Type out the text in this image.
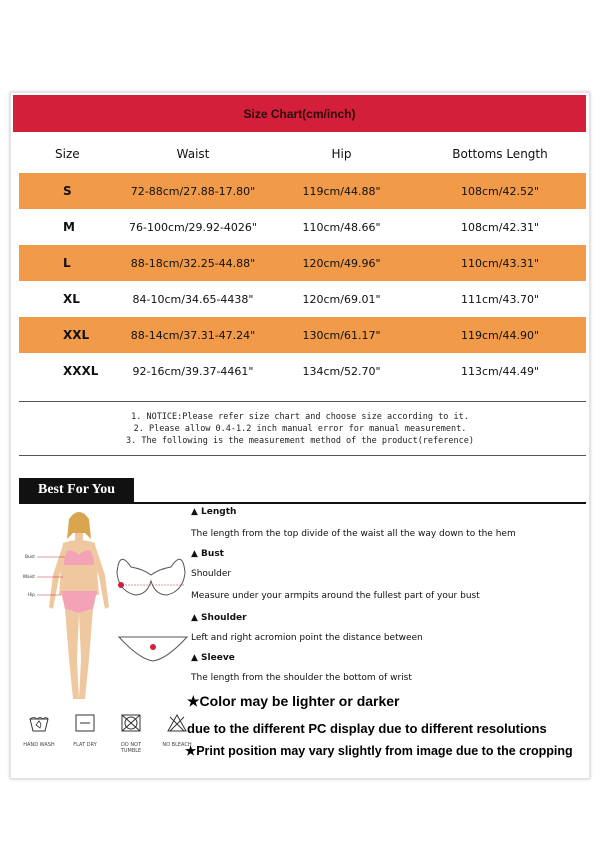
Size Chart(cm/inch)
Size	Waist	Hip	Bottoms Length
S	72-88cm/27.88-17.80"	119cm/44.88"	108cm/42.52"
M	76-100cm/29.92-4026"	110cm/48.66"	108cm/42.31"
L	88-18cm/32.25-44.88"	120cm/49.96"	110cm/43.31"
XL	84-10cm/34.65-4438"	120cm/69.01"	111cm/43.70"
XXL	88-14cm/37.31-47.24"	130cm/61.17"	119cm/44.90"
XXXL	92-16cm/39.37-4461"	134cm/52.70"	113cm/44.49"
1. NOTICE:Please refer size chart and choose size according to it.
2. Please allow 0.4-1.2 inch manual error for manual measurement.
3. The following is the measurement method of the product(reference)
Best For You
Bust
Waist
Hip
▲ Length
The length from the top divide of the waist all the way down to the hem
▲ Bust
Shoulder
Measure under your armpits around the fullest part of your bust
▲ Shoulder
Left and right acromion point the distance between
▲ Sleeve
The length from the shoulder the bottom of wrist
★Color may be lighter or darker
due to the different PC display due to different resolutions
★Print position may vary slightly from image due to the cropping
HAND WASH	FLAT DRY	DO NOT TUMBLE
NO BLEACH
